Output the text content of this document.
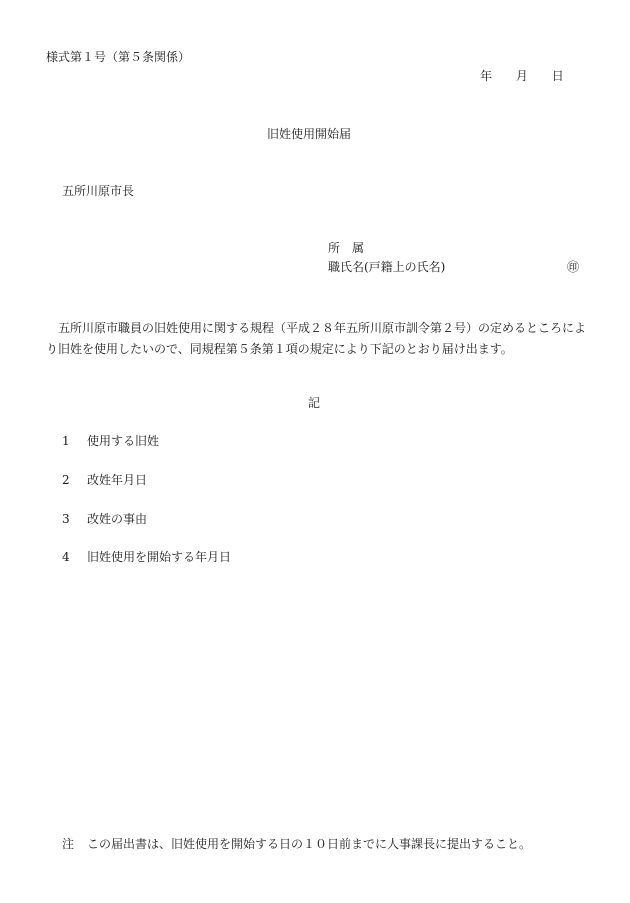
様式第１号（第５条関係）
年 月 日
旧姓使用開始届
五所川原市長
所　属
職氏名(戸籍上の氏名)	㊞
五所川原市職員の旧姓使用に関する規程（平成２８年五所川原市訓令第２号）の定めるところにより旧姓を使用したいので、同規程第５条第１項の規定により下記のとおり届け出ます。
記
1 使用する旧姓
2 改姓年月日
3 改姓の事由
4 旧姓使用を開始する年月日
注 この届出書は、旧姓使用を開始する日の１０日前までに人事課長に提出すること。
